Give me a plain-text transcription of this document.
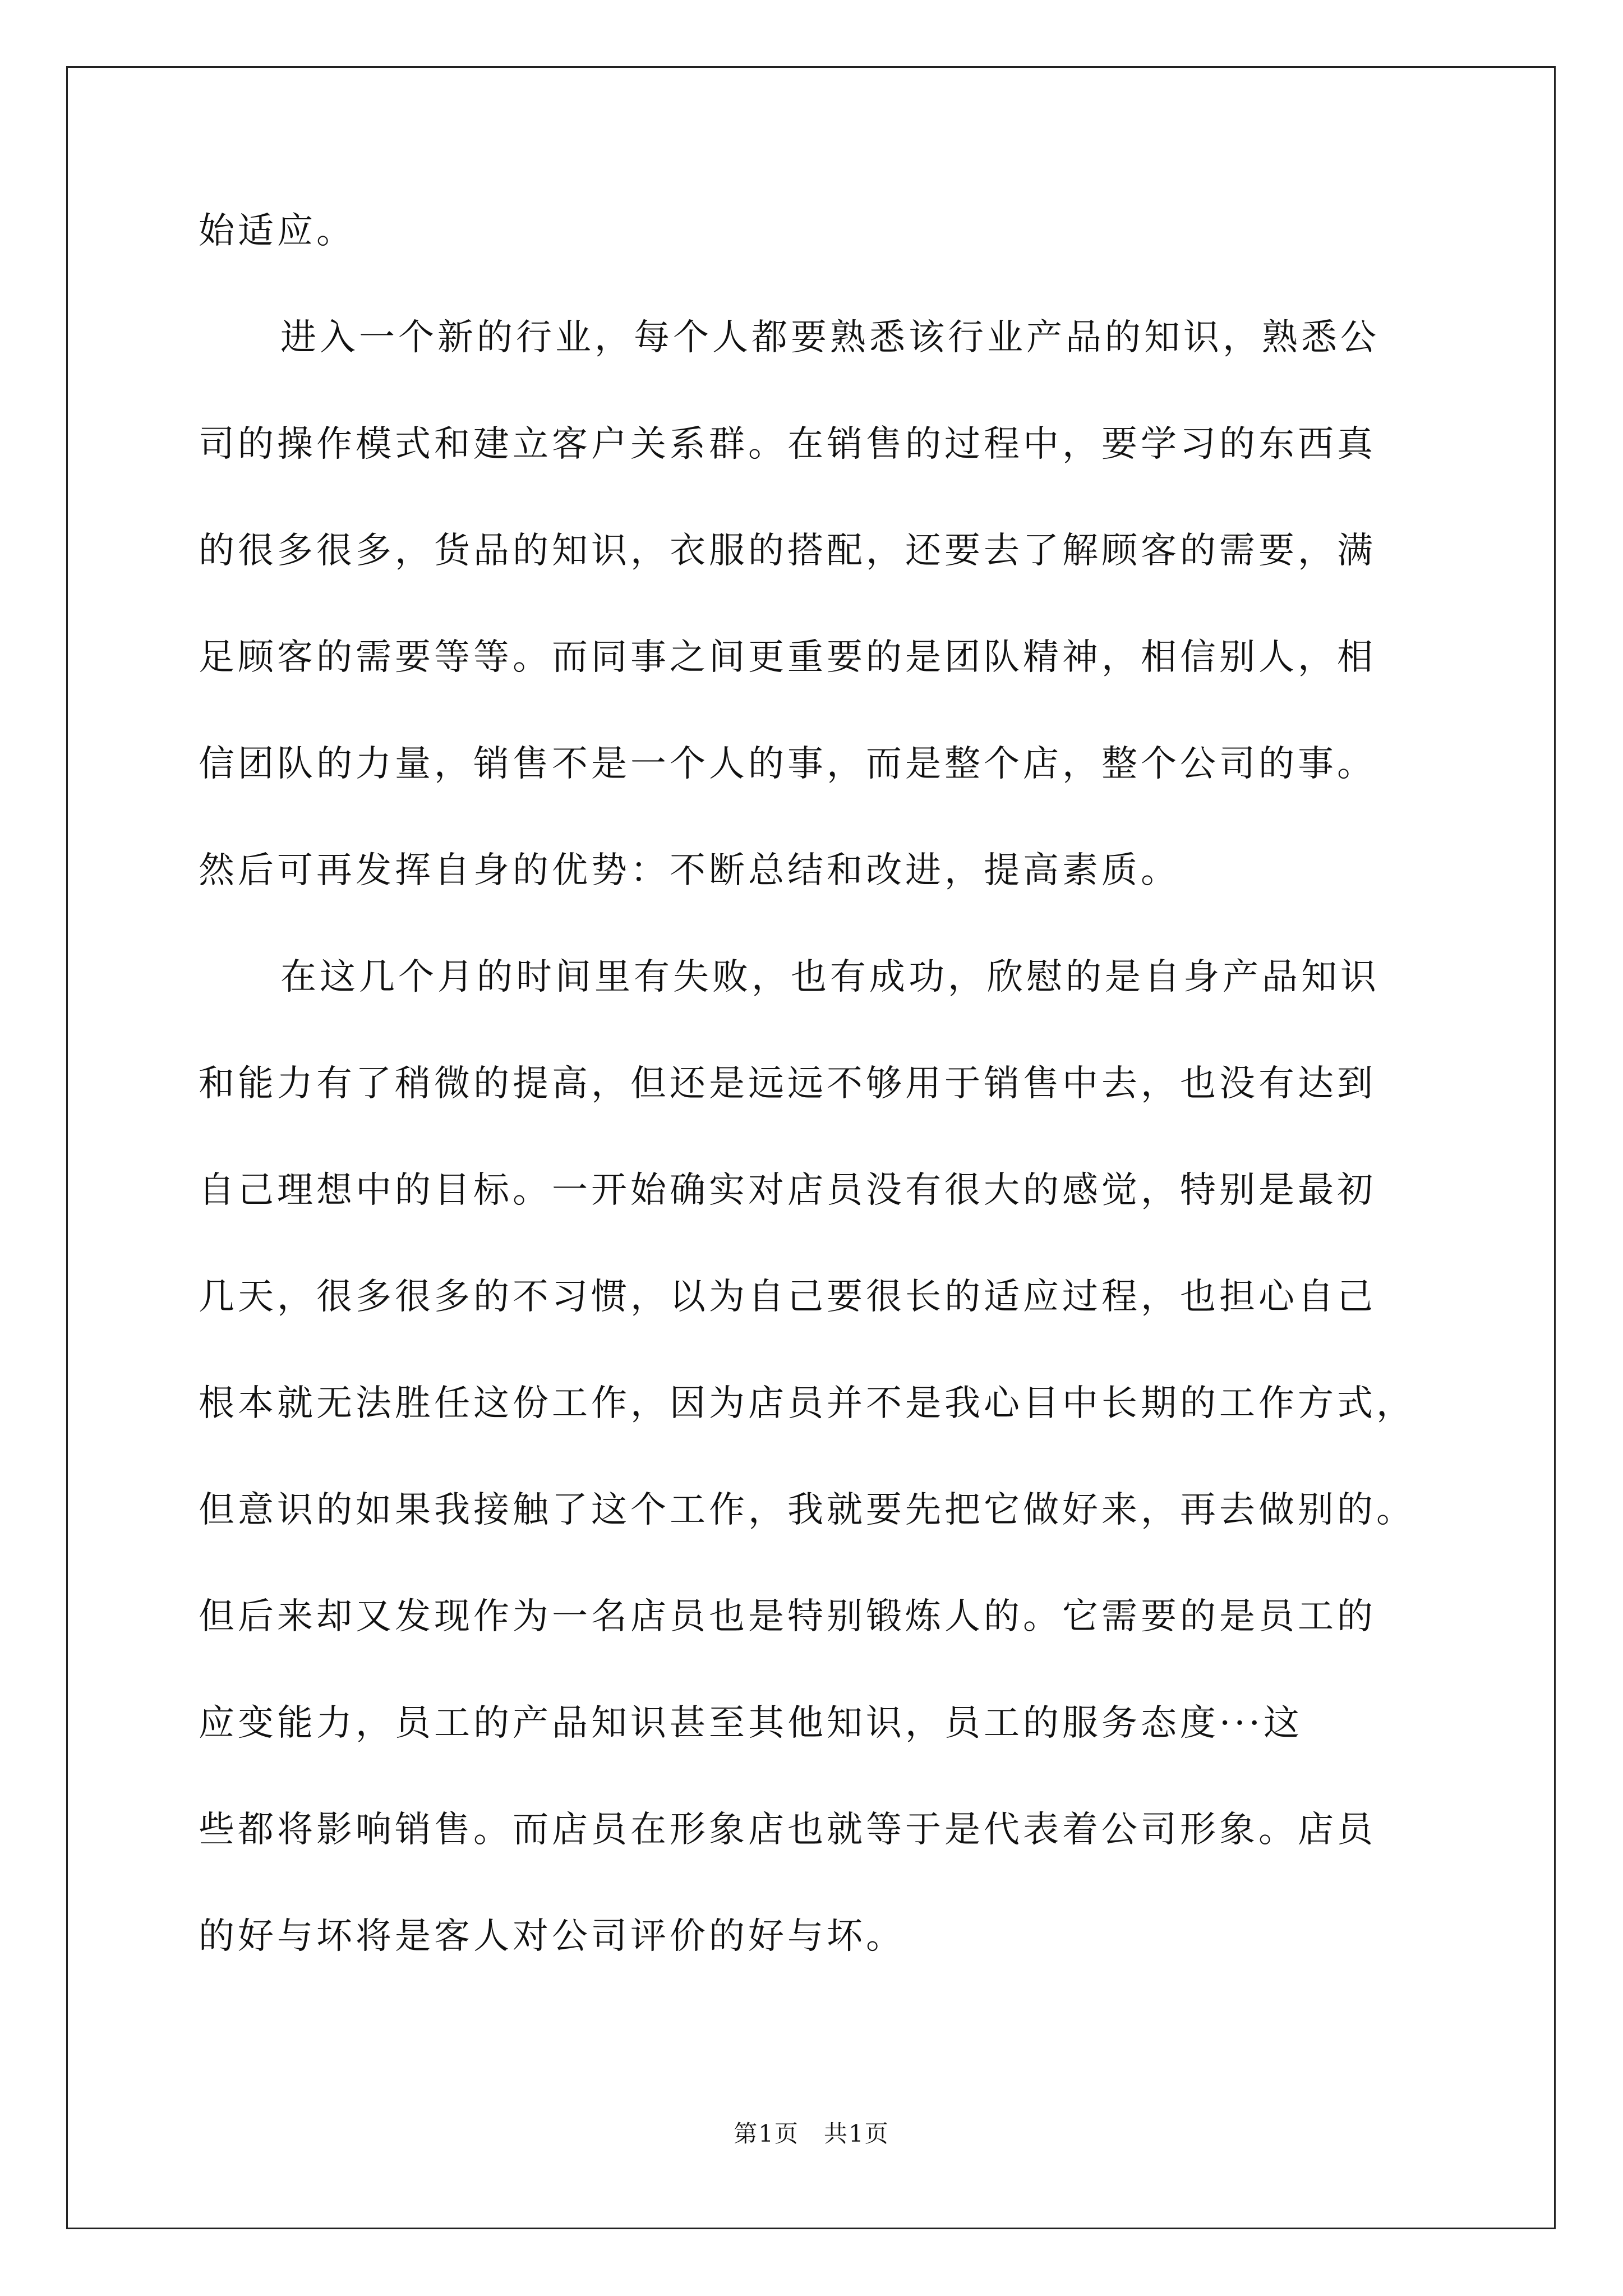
始适应。
进入一个新的行业，每个人都要熟悉该行业产品的知识，熟悉公
司的操作模式和建立客户关系群。在销售的过程中，要学习的东西真
的很多很多，货品的知识，衣服的搭配，还要去了解顾客的需要，满
足顾客的需要等等。而同事之间更重要的是团队精神，相信别人，相
信团队的力量，销售不是一个人的事，而是整个店，整个公司的事。
然后可再发挥自身的优势：不断总结和改进，提高素质。
在这几个月的时间里有失败，也有成功，欣慰的是自身产品知识
和能力有了稍微的提高，但还是远远不够用于销售中去，也没有达到
自己理想中的目标。一开始确实对店员没有很大的感觉，特别是最初
几天，很多很多的不习惯，以为自己要很长的适应过程，也担心自己
根本就无法胜任这份工作，因为店员并不是我心目中长期的工作方式，
但意识的如果我接触了这个工作，我就要先把它做好来，再去做别的。
但后来却又发现作为一名店员也是特别锻炼人的。它需要的是员工的
应变能力，员工的产品知识甚至其他知识，员工的服务态度···这
些都将影响销售。而店员在形象店也就等于是代表着公司形象。店员
的好与坏将是客人对公司评价的好与坏。
第1页　共1页
